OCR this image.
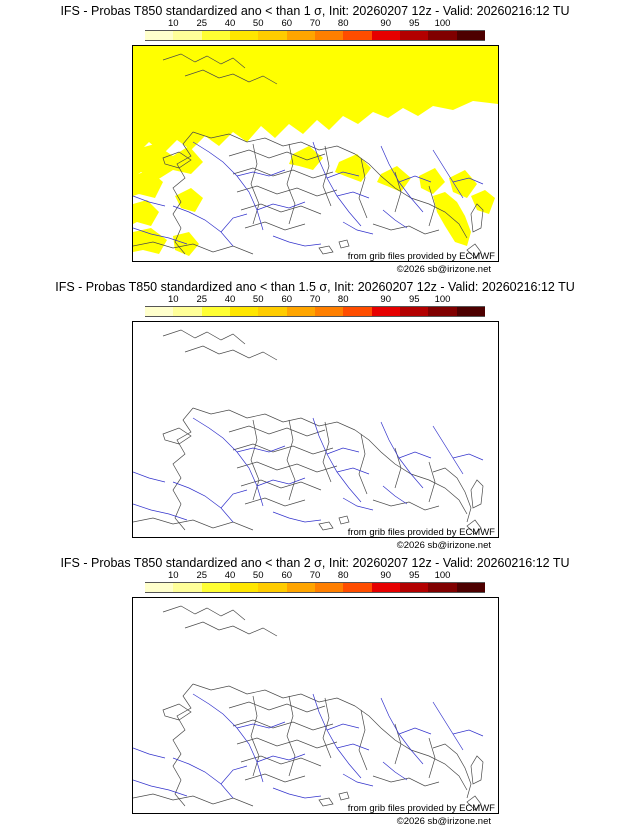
IFS - Probas T850 standardized ano < than 1 σ, Init: 20260207 12z - Valid: 20260216:12 TU
10 25 40 50 60 70 80	90 95 100
from grib files provided by ECMWF
©2026 sb@irizone.net
IFS - Probas T850 standardized ano < than 1.5 σ, Init: 20260207 12z - Valid: 20260216:12 TU
10 25 40 50 60 70 80	90 95 100
from grib files provided by ECMWF
©2026 sb@irizone.net
IFS - Probas T850 standardized ano < than 2 σ, Init: 20260207 12z - Valid: 20260216:12 TU
10 25 40 50 60 70 80	90 95 100
from grib files provided by ECMWF
©2026 sb@irizone.net
